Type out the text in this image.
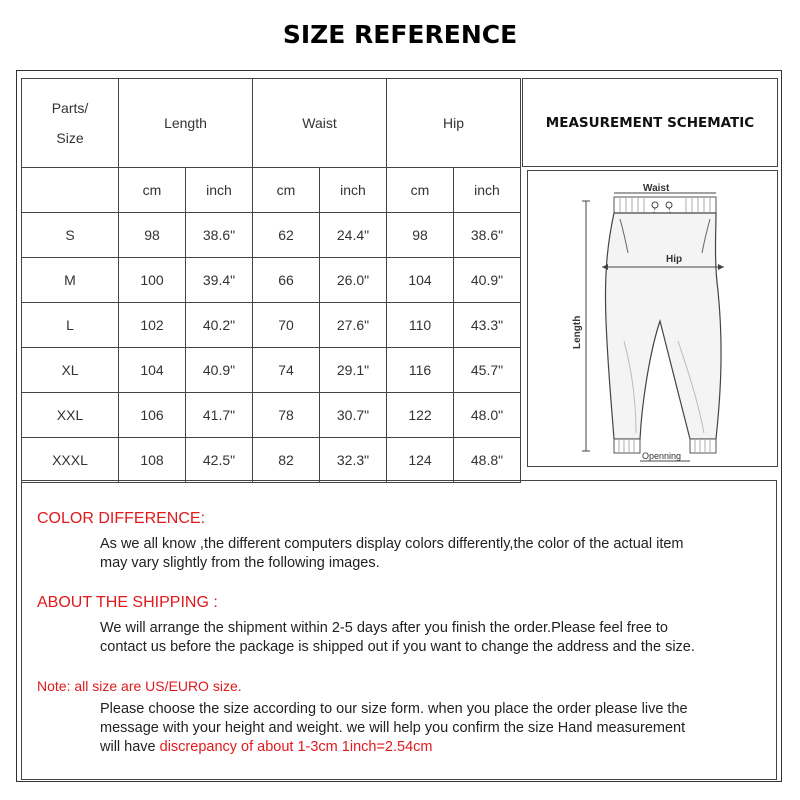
SIZE REFERENCE
Parts/
Size	Length		Waist		Hip	
	cm	inch	cm	inch	cm	inch
S	98	38.6"	62	24.4"	98	38.6"
M	100	39.4"	66	26.0"	104	40.9"
L	102	40.2"	70	27.6"	110	43.3"
XL	104	40.9"	74	29.1"	116	45.7"
XXL	106	41.7"	78	30.7"	122	48.0"
XXXL	108	42.5"	82	32.3"	124	48.8"
MEASUREMENT SCHEMATIC
Waist
Hip
Length
Openning
COLOR DIFFERENCE:
As we all know ,the different computers display colors differently,the color of the actual item
may vary slightly from the following images.
ABOUT THE SHIPPING :
We will arrange the shipment within 2-5 days after you finish the order.Please feel free to
contact us before the package is shipped out if you want to change the address and the size.
Note: all size are US/EURO size.
Please choose the size according to our size form. when you place the order please live the
message with your height and weight. we will help you confirm the size Hand measurement
will have discrepancy of about 1-3cm 1inch=2.54cm
